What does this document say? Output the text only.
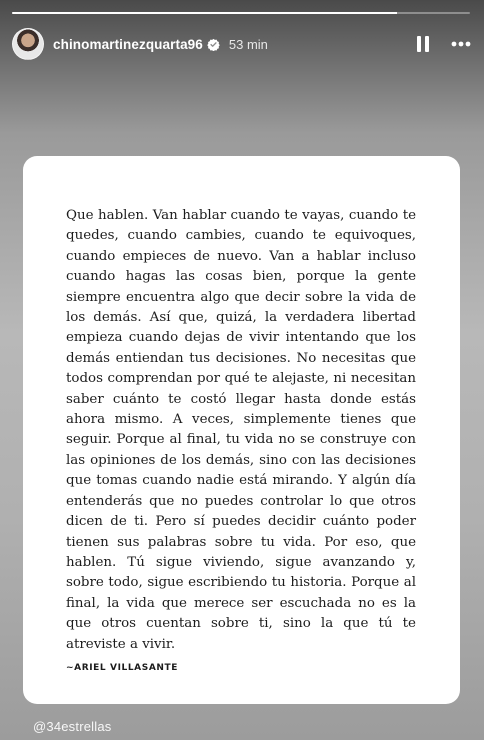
chinomartinezquarta96 53 min

Que hablen. Van hablar cuando te vayas, cuando te quedes, cuando cambies, cuando te equivoques, cuando empieces de nuevo. Van a hablar incluso cuando hagas las cosas bien, porque la gente siempre encuentra algo que decir sobre la vida de los demás. Así que, quizá, la verdadera libertad empieza cuando dejas de vivir intentando que los demás entiendan tus decisiones. No necesitas que todos comprendan por qué te alejaste, ni necesitan saber cuánto te costó llegar hasta donde estás ahora mismo. A veces, simplemente tienes que seguir. Porque al final, tu vida no se construye con las opiniones de los demás, sino con las decisiones que tomas cuando nadie está mirando. Y algún día entenderás que no puedes controlar lo que otros dicen de ti. Pero sí puedes decidir cuánto poder tienen sus palabras sobre tu vida. Por eso, que hablen. Tú sigue viviendo, sigue avanzando y, sobre todo, sigue escribiendo tu historia. Porque al final, la vida que merece ser escuchada no es la que otros cuentan sobre ti, sino la que tú te atreviste a vivir.

~ARIEL VILLASANTE
@34estrellas
